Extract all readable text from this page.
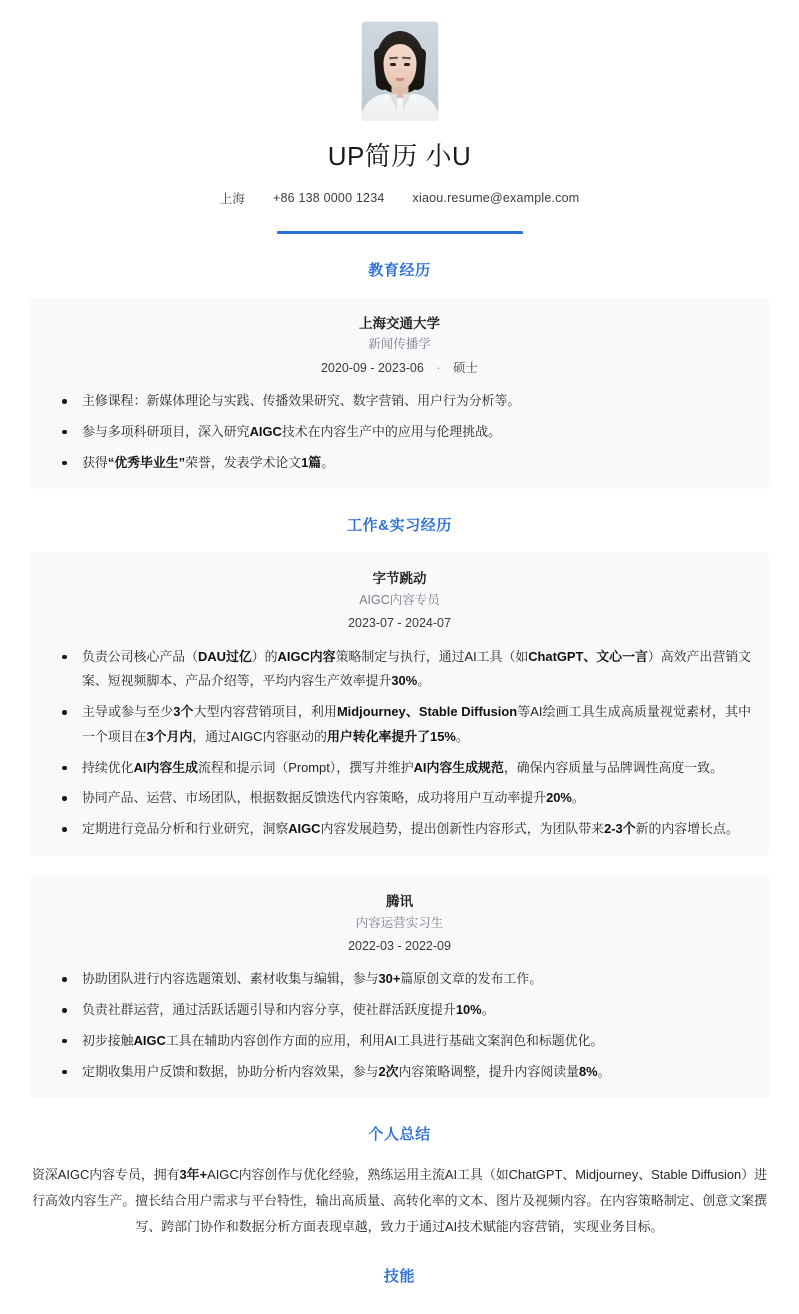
UP简历 小U
上海 +86 138 0000 1234 xiaou.resume@example.com
教育经历
上海交通大学
新闻传播学
2020-09 - 2023-06 · 硕士
主修课程：新媒体理论与实践、传播效果研究、数字营销、用户行为分析等。
参与多项科研项目，深入研究AIGC技术在内容生产中的应用与伦理挑战。
获得“优秀毕业生”荣誉，发表学术论文1篇。
工作&实习经历
字节跳动
AIGC内容专员
2023-07 - 2024-07
负责公司核心产品（DAU过亿）的AIGC内容策略制定与执行，通过AI工具（如ChatGPT、文心一言）高效产出营销文案、短视频脚本、产品介绍等，平均内容生产效率提升30%。
主导或参与至少3个大型内容营销项目，利用Midjourney、Stable Diffusion等AI绘画工具生成高质量视觉素材，其中一个项目在3个月内，通过AIGC内容驱动的用户转化率提升了15%。
持续优化AI内容生成流程和提示词（Prompt），撰写并维护AI内容生成规范，确保内容质量与品牌调性高度一致。
协同产品、运营、市场团队，根据数据反馈迭代内容策略，成功将用户互动率提升20%。
定期进行竞品分析和行业研究，洞察AIGC内容发展趋势，提出创新性内容形式，为团队带来2-3个新的内容增长点。
腾讯
内容运营实习生
2022-03 - 2022-09
协助团队进行内容选题策划、素材收集与编辑，参与30+篇原创文章的发布工作。
负责社群运营，通过活跃话题引导和内容分享，使社群活跃度提升10%。
初步接触AIGC工具在辅助内容创作方面的应用，利用AI工具进行基础文案润色和标题优化。
定期收集用户反馈和数据，协助分析内容效果，参与2次内容策略调整，提升内容阅读量8%。
个人总结

资深AIGC内容专员，拥有3年+AIGC内容创作与优化经验，熟练运用主流AI工具（如ChatGPT、Midjourney、Stable Diffusion）进行高效内容生产。擅长结合用户需求与平台特性，输出高质量、高转化率的文本、图片及视频内容。在内容策略制定、创意文案撰写、跨部门协作和数据分析方面表现卓越，致力于通过AI技术赋能内容营销，实现业务目标。

技能
